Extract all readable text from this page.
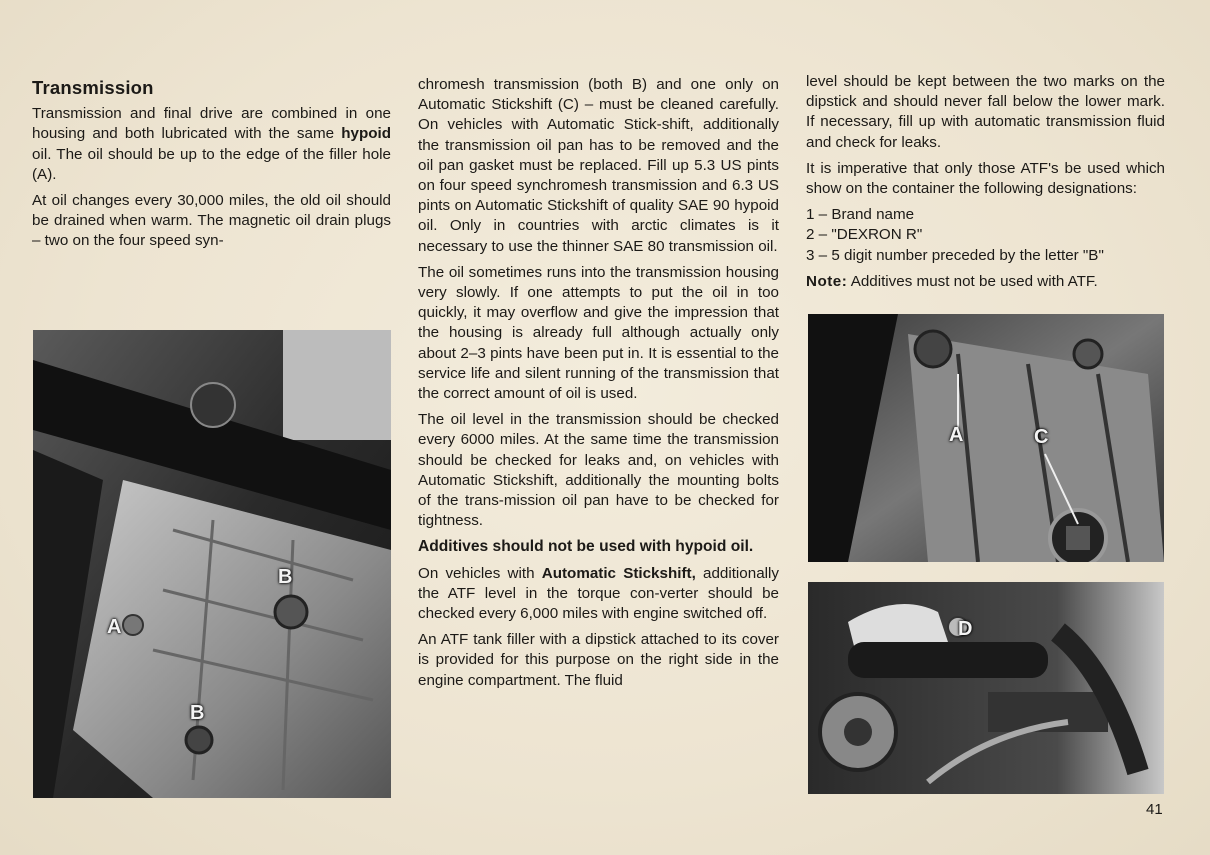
Transmission

Transmission and final drive are combined in one housing and both lubricated with the same hypoid oil. The oil should be up to the edge of the filler hole (A).

At oil changes every 30,000 miles, the old oil should be drained when warm. The magnetic oil drain plugs – two on the four speed syn-

A
B
B

chromesh transmission (both B) and one only on Automatic Stickshift (C) – must be cleaned carefully. On vehicles with Automatic Stick-shift, additionally the transmission oil pan has to be removed and the oil pan gasket must be replaced. Fill up 5.3 US pints on four speed synchromesh transmission and 6.3 US pints on Automatic Stickshift of quality SAE 90 hypoid oil. Only in countries with arctic climates is it necessary to use the thinner SAE 80 transmission oil.

The oil sometimes runs into the transmission housing very slowly. If one attempts to put the oil in too quickly, it may overflow and give the impression that the housing is already full although actually only about 2–3 pints have been put in. It is essential to the service life and silent running of the transmission that the correct amount of oil is used.

The oil level in the transmission should be checked every 6000 miles. At the same time the transmission should be checked for leaks and, on vehicles with Automatic Stickshift, additionally the mounting bolts of the trans-mission oil pan have to be checked for tightness.

Additives should not be used with hypoid oil.

On vehicles with Automatic Stickshift, additionally the ATF level in the torque con-verter should be checked every 6,000 miles with engine switched off.

An ATF tank filler with a dipstick attached to its cover is provided for this purpose on the right side in the engine compartment. The fluid

level should be kept between the two marks on the dipstick and should never fall below the lower mark. If necessary, fill up with automatic transmission fluid and check for leaks.

It is imperative that only those ATF's be used which show on the container the following designations:

1 – Brand name
2 – "DEXRON R"
3 – 5 digit number preceded by the letter "B"

Note: Additives must not be used with ATF.

A	C
D
41
